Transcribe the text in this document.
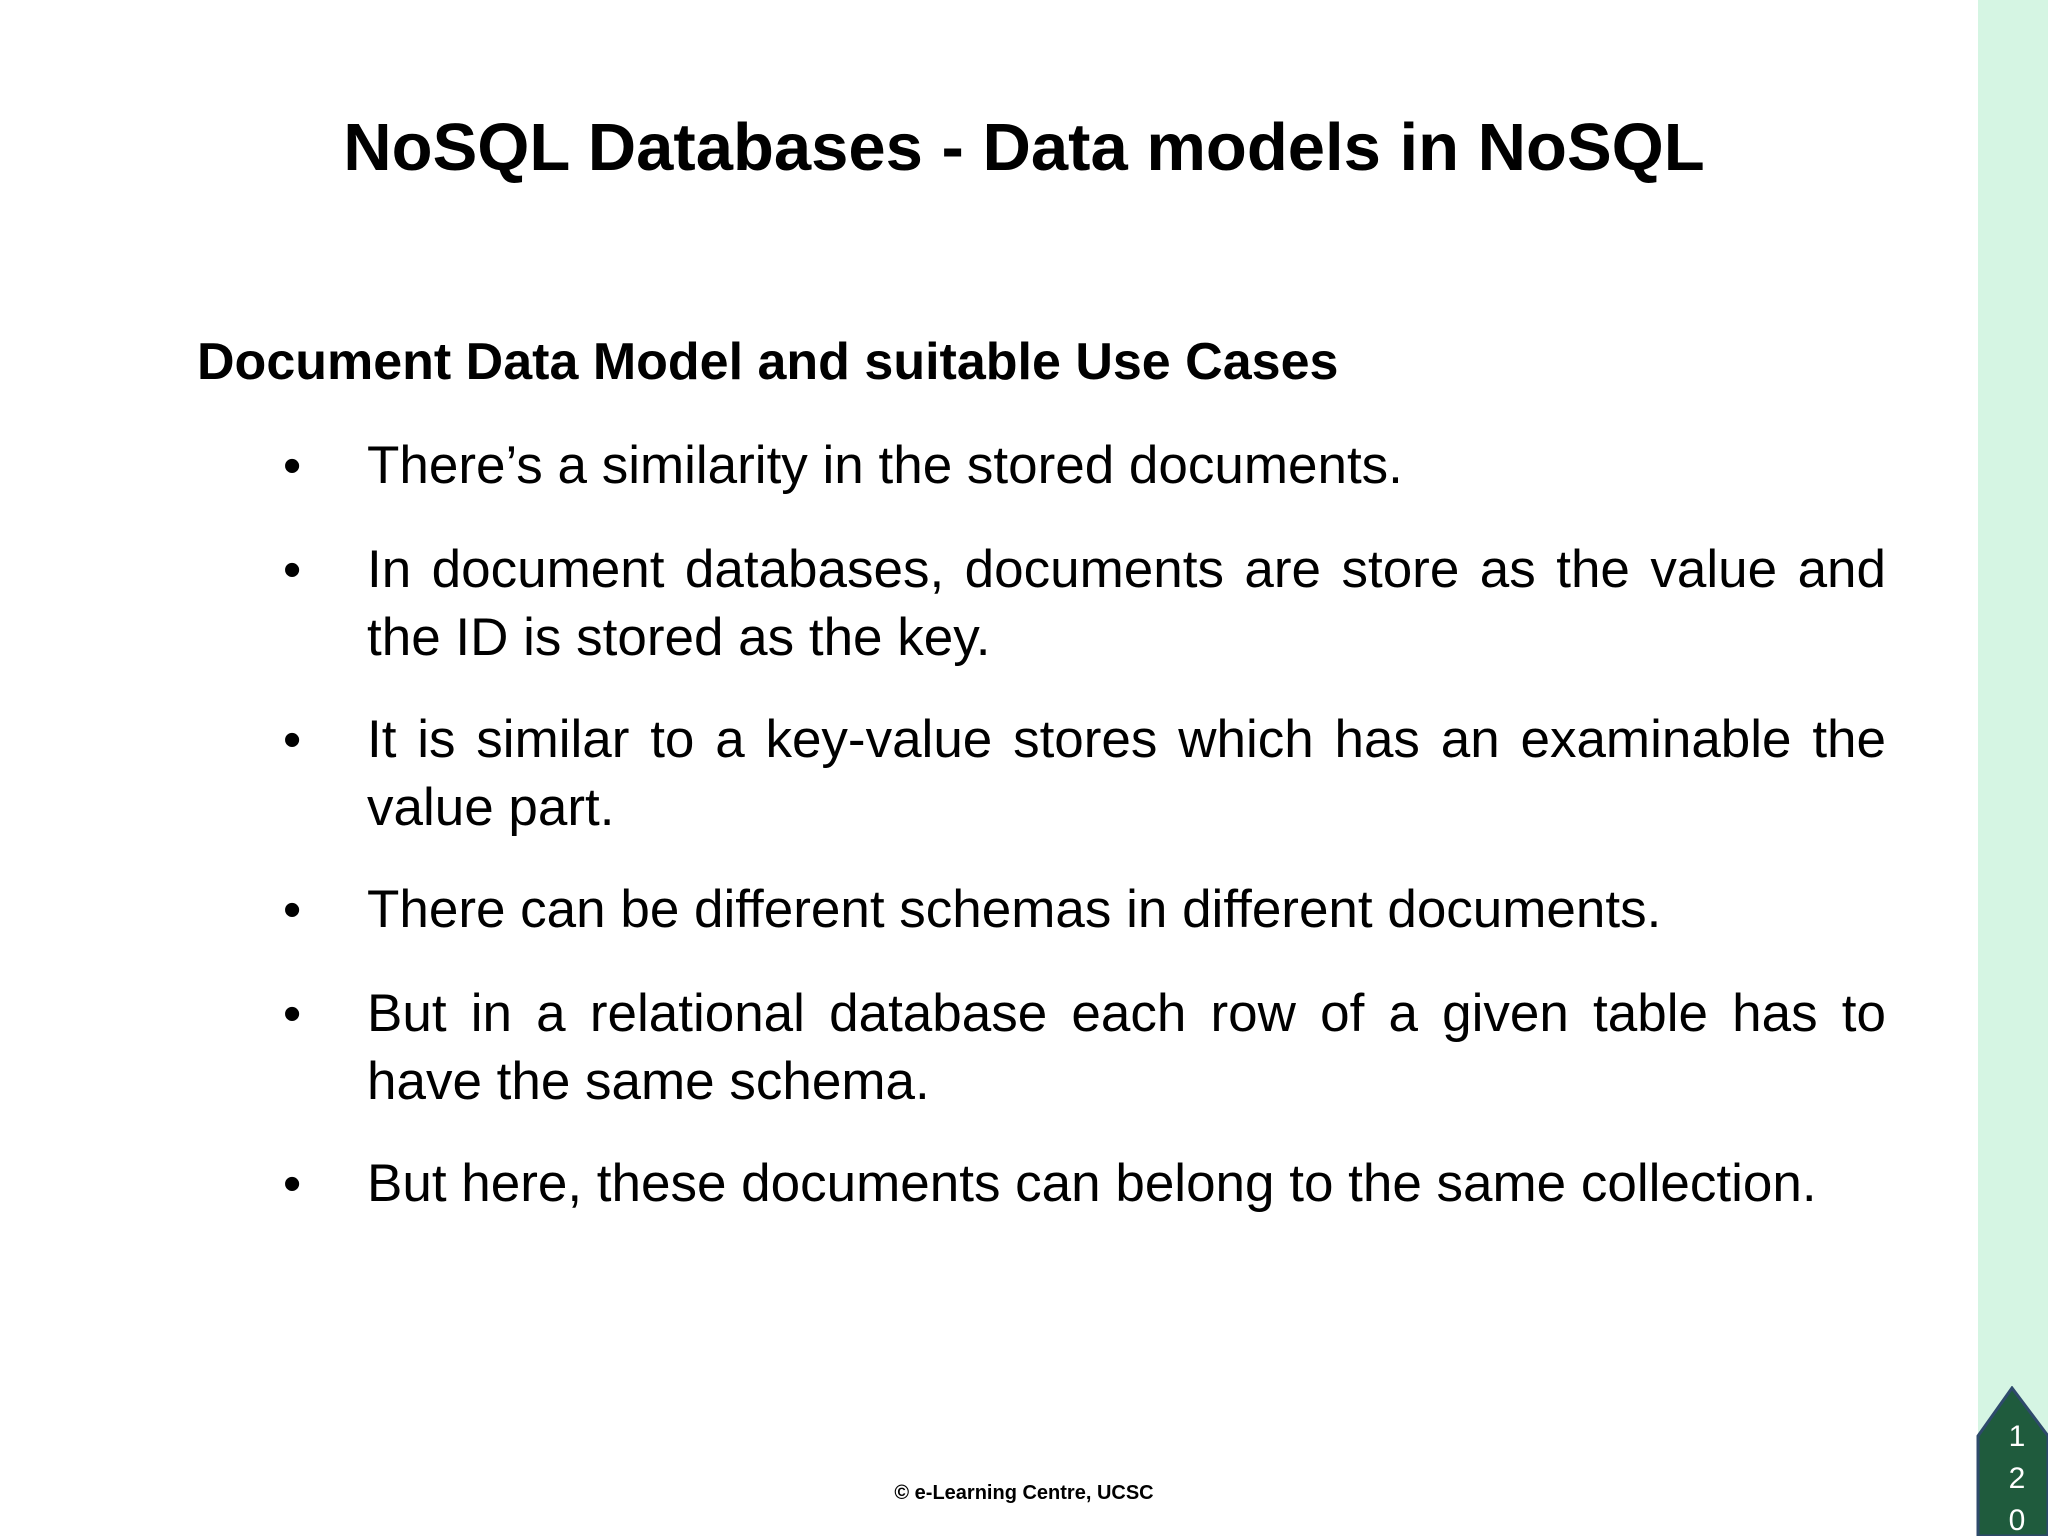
NoSQL Databases - Data models in NoSQL
Document Data Model and suitable Use Cases
• There’s a similarity in the stored documents.
• In document databases, documents are store as the value and the ID is stored as the key.
• It is similar to a key-value stores which has an examinable the value part.
• There can be different schemas in different documents.
• But in a relational database each row of a given table has to have the same schema.
• But here, these documents can belong to the same collection.
© e-Learning Centre, UCSC
120
